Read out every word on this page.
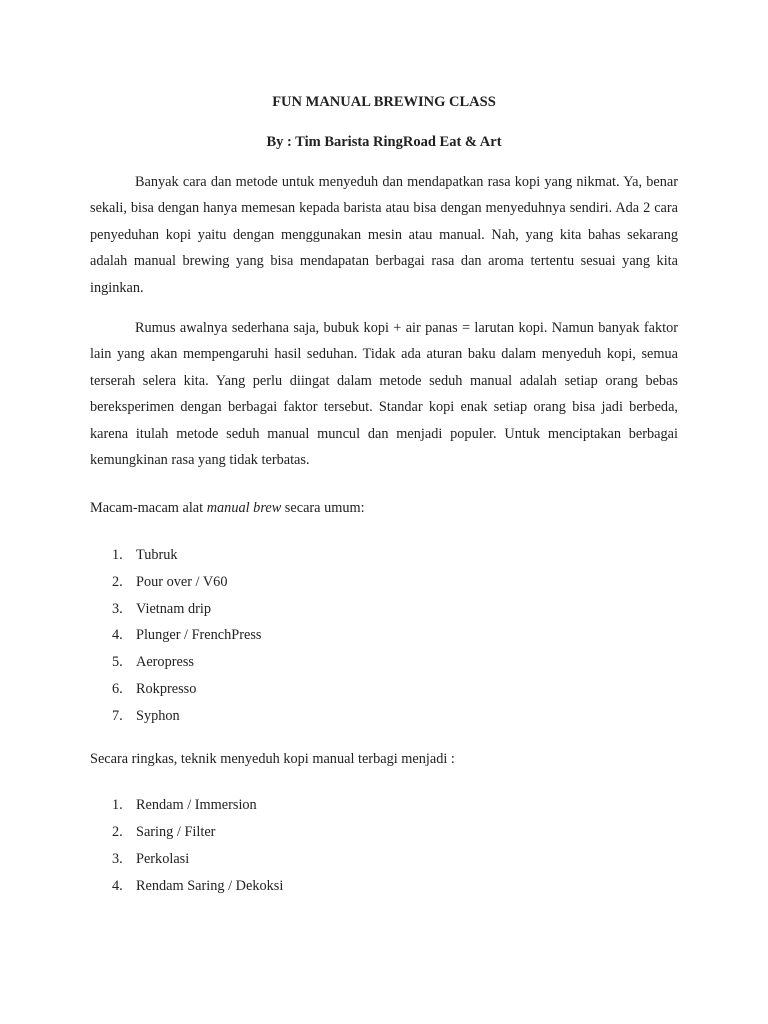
FUN MANUAL BREWING CLASS
By : Tim Barista RingRoad Eat & Art

Banyak cara dan metode untuk menyeduh dan mendapatkan rasa kopi yang nikmat. Ya, benar sekali, bisa dengan hanya memesan kepada barista atau bisa dengan menyeduhnya sendiri. Ada 2 cara penyeduhan kopi yaitu dengan menggunakan mesin atau manual. Nah, yang kita bahas sekarang adalah manual brewing yang bisa mendapatan berbagai rasa dan aroma tertentu sesuai yang kita inginkan.

Rumus awalnya sederhana saja, bubuk kopi + air panas = larutan kopi. Namun banyak faktor lain yang akan mempengaruhi hasil seduhan. Tidak ada aturan baku dalam menyeduh kopi, semua terserah selera kita. Yang perlu diingat dalam metode seduh manual adalah setiap orang bebas bereksperimen dengan berbagai faktor tersebut. Standar kopi enak setiap orang bisa jadi berbeda, karena itulah metode seduh manual muncul dan menjadi populer. Untuk menciptakan berbagai kemungkinan rasa yang tidak terbatas.

Macam-macam alat manual brew secara umum:

1. Tubruk
2. Pour over / V60
3. Vietnam drip
4. Plunger / FrenchPress
5. Aeropress
6. Rokpresso
7. Syphon

Secara ringkas, teknik menyeduh kopi manual terbagi menjadi :

1. Rendam / Immersion
2. Saring / Filter
3. Perkolasi
4. Rendam Saring / Dekoksi
